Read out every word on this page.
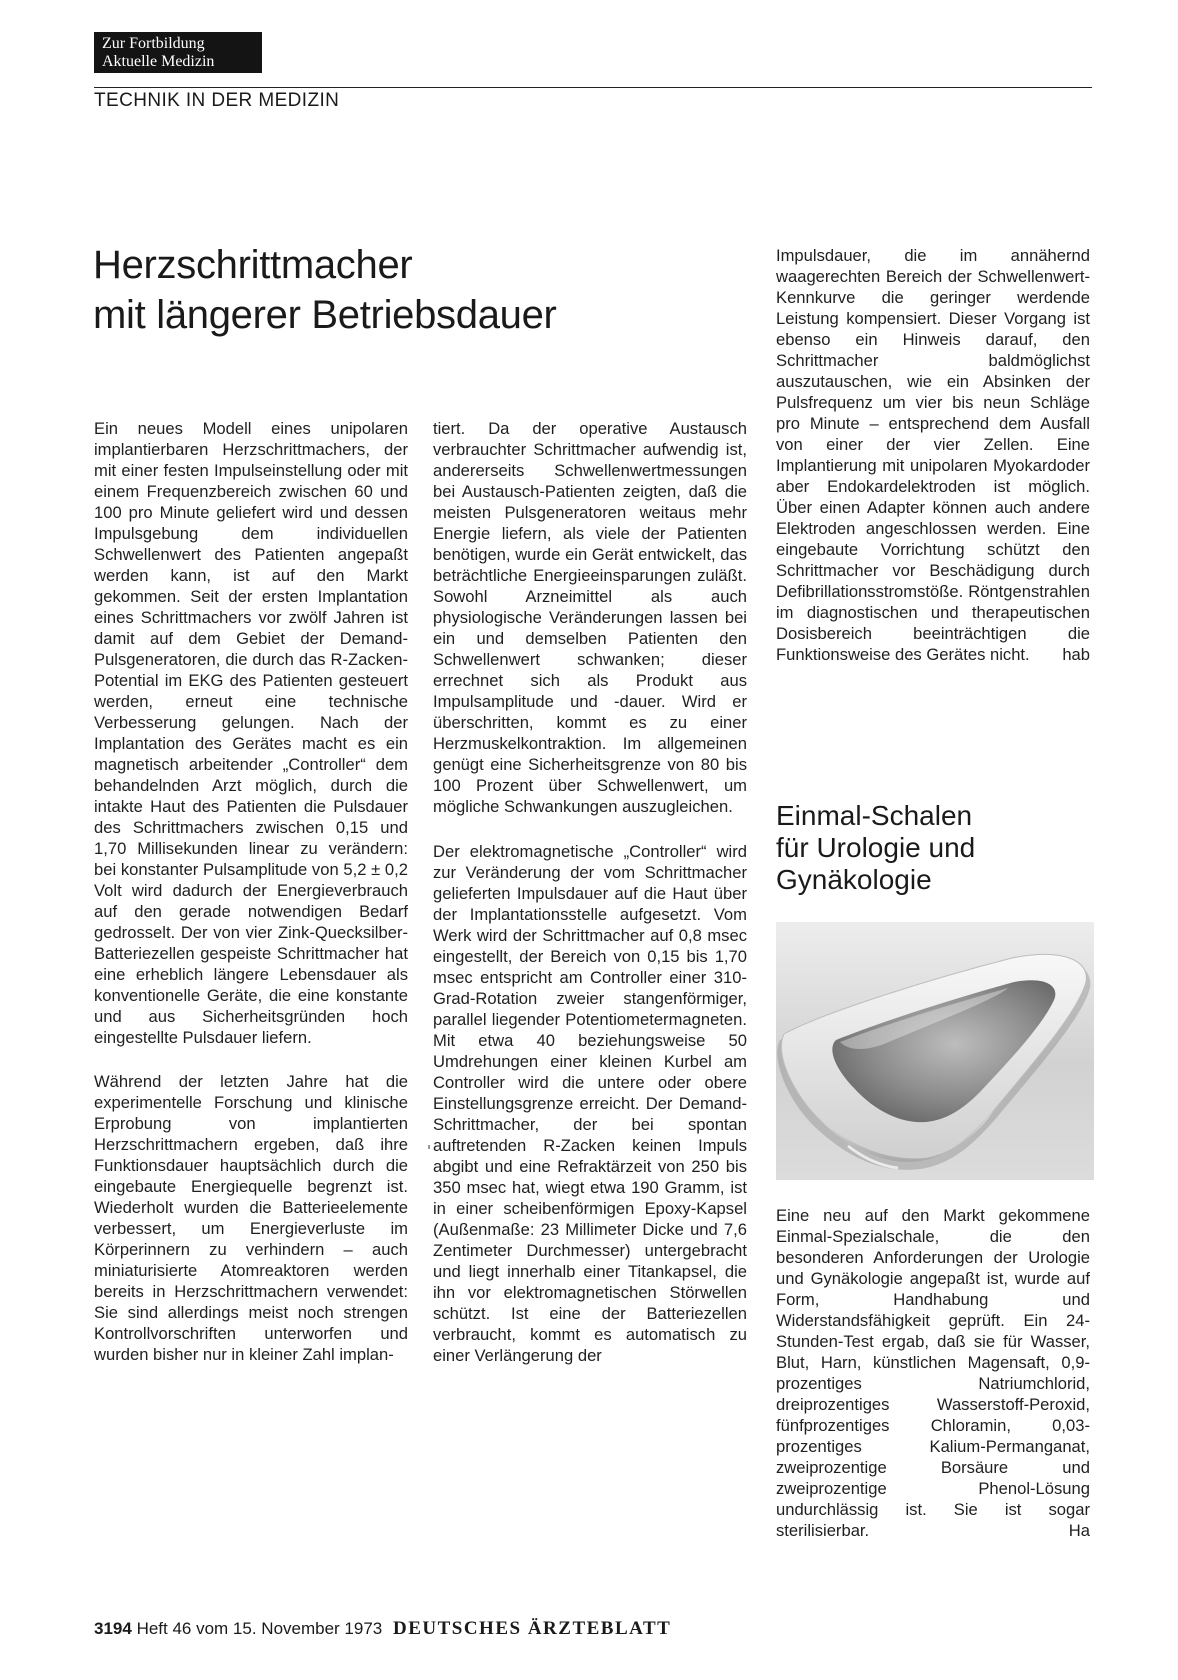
Zur Fortbildung
Aktuelle Medizin
TECHNIK IN DER MEDIZIN
Herzschrittmacher
mit längerer Betriebsdauer

Ein neues Modell eines unipolaren implantierbaren Herzschrittmachers, der mit einer festen Impulseinstellung oder mit einem Frequenzbereich zwischen 60 und 100 pro Minute geliefert wird und dessen Impulsgebung dem individuellen Schwellenwert des Patienten angepaßt werden kann, ist auf den Markt gekommen. Seit der ersten Implantation eines Schrittmachers vor zwölf Jahren ist damit auf dem Gebiet der Demand-Pulsgeneratoren, die durch das R-Zacken-Potential im EKG des Patienten gesteuert werden, erneut eine technische Verbesserung gelungen. Nach der Implantation des Gerätes macht es ein magnetisch arbeitender „Controller“ dem behandelnden Arzt möglich, durch die intakte Haut des Patienten die Pulsdauer des Schrittmachers zwischen 0,15 und 1,70 Millisekunden linear zu verändern: bei konstanter Pulsamplitude von 5,2 ± 0,2 Volt wird dadurch der Energieverbrauch auf den gerade notwendigen Bedarf gedrosselt. Der von vier Zink-Quecksilber-Batteriezellen gespeiste Schrittmacher hat eine erheblich längere Lebensdauer als konventionelle Geräte, die eine konstante und aus Sicherheitsgründen hoch eingestellte Pulsdauer liefern.

Während der letzten Jahre hat die experimentelle Forschung und klinische Erprobung von implantierten Herzschrittmachern ergeben, daß ihre Funktionsdauer hauptsächlich durch die eingebaute Energiequelle begrenzt ist. Wiederholt wurden die Batterieelemente verbessert, um Energieverluste im Körperinnern zu verhindern – auch miniaturisierte Atomreaktoren werden bereits in Herzschrittmachern verwendet: Sie sind allerdings meist noch strengen Kontrollvorschriften unterworfen und wurden bisher nur in kleiner Zahl implan-

tiert. Da der operative Austausch verbrauchter Schrittmacher aufwendig ist, andererseits Schwellenwertmessungen bei Austausch-Patienten zeigten, daß die meisten Pulsgeneratoren weitaus mehr Energie liefern, als viele der Patienten benötigen, wurde ein Gerät entwickelt, das beträchtliche Energieeinsparungen zuläßt. Sowohl Arzneimittel als auch physiologische Veränderungen lassen bei ein und demselben Patienten den Schwellenwert schwanken; dieser errechnet sich als Produkt aus Impulsamplitude und -dauer. Wird er überschritten, kommt es zu einer Herzmuskelkontraktion. Im allgemeinen genügt eine Sicherheitsgrenze von 80 bis 100 Prozent über Schwellenwert, um mögliche Schwankungen auszugleichen.

Der elektromagnetische „Controller“ wird zur Veränderung der vom Schrittmacher gelieferten Impulsdauer auf die Haut über der Implantationsstelle aufgesetzt. Vom Werk wird der Schrittmacher auf 0,8 msec eingestellt, der Bereich von 0,15 bis 1,70 msec entspricht am Controller einer 310-Grad-Rotation zweier stangenförmiger, parallel liegender Potentiometermagneten. Mit etwa 40 beziehungsweise 50 Umdrehungen einer kleinen Kurbel am Controller wird die untere oder obere Einstellungsgrenze erreicht. Der Demand-Schrittmacher, der bei spontan auftretenden R-Zacken keinen Impuls abgibt und eine Refraktärzeit von 250 bis 350 msec hat, wiegt etwa 190 Gramm, ist in einer scheibenförmigen Epoxy-Kapsel (Außenmaße: 23 Millimeter Dicke und 7,6 Zentimeter Durchmesser) untergebracht und liegt innerhalb einer Titankapsel, die ihn vor elektromagnetischen Störwellen schützt. Ist eine der Batteriezellen verbraucht, kommt es automatisch zu einer Verlängerung der

Impulsdauer, die im annähernd waagerechten Bereich der Schwellenwert-Kennkurve die geringer werdende Leistung kompensiert. Dieser Vorgang ist ebenso ein Hinweis darauf, den Schrittmacher baldmöglichst auszutauschen, wie ein Absinken der Pulsfrequenz um vier bis neun Schläge pro Minute – entsprechend dem Ausfall von einer der vier Zellen. Eine Implantierung mit unipolaren Myokardoder aber Endokardelektroden ist möglich. Über einen Adapter können auch andere Elektroden angeschlossen werden. Eine eingebaute Vorrichtung schützt den Schrittmacher vor Beschädigung durch Defibrillationsstromstöße. Röntgenstrahlen im diagnostischen und therapeutischen Dosisbereich beeinträchtigen die Funktionsweise des Gerätes nicht. hab

Einmal-Schalen
für Urologie und
Gynäkologie

Eine neu auf den Markt gekommene Einmal-Spezialschale, die den besonderen Anforderungen der Urologie und Gynäkologie angepaßt ist, wurde auf Form, Handhabung und Widerstandsfähigkeit geprüft. Ein 24-Stunden-Test ergab, daß sie für Wasser, Blut, Harn, künstlichen Magensaft, 0,9-prozentiges Natriumchlorid, dreiprozentiges Wasserstoff-Peroxid, fünfprozentiges Chloramin, 0,03-prozentiges Kalium-Permanganat, zweiprozentige Borsäure und zweiprozentige Phenol-Lösung undurchlässig ist. Sie ist sogar sterilisierbar.	Ha

3194 Heft 46 vom 15. November 1973 DEUTSCHES ÄRZTEBLATT
